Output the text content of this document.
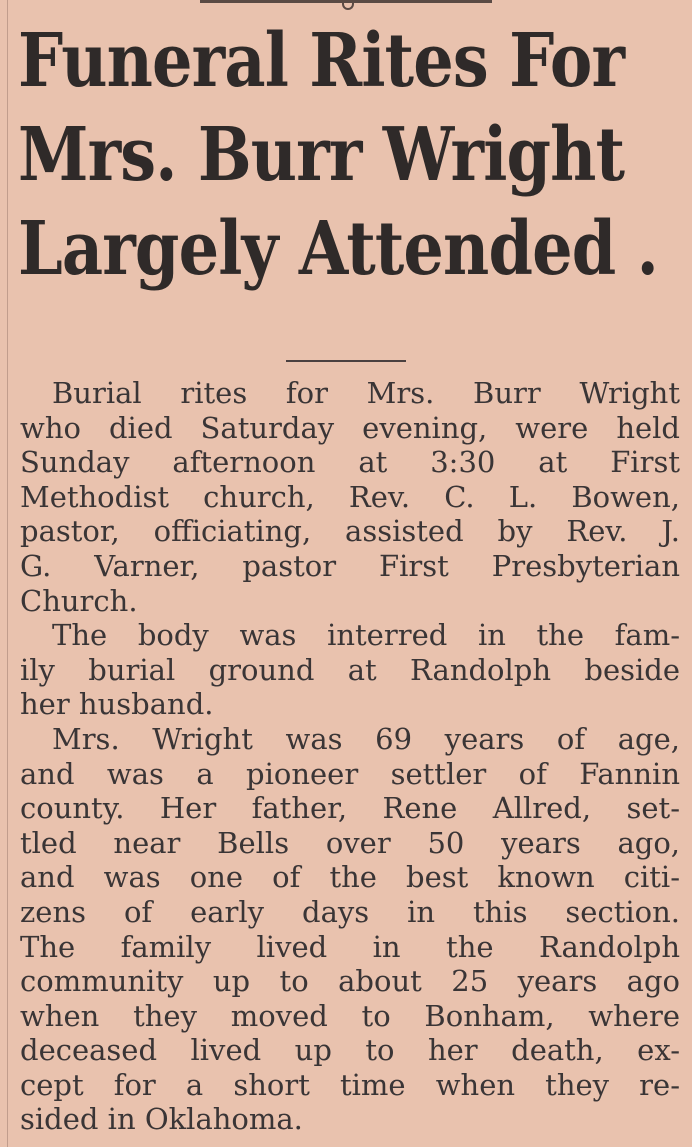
Funeral Rites For
Mrs. Burr Wright
Largely Attended .

Burial rites for Mrs. Burr Wright
who died Saturday evening, were held
Sunday afternoon at 3:30 at First
Methodist church, Rev. C. L. Bowen,
pastor, officiating, assisted by Rev. J.
G. Varner, pastor First Presbyterian
Church.

The body was interred in the fam-
ily burial ground at Randolph beside
her husband.

Mrs. Wright was 69 years of age,
and was a pioneer settler of Fannin
county. Her father, Rene Allred, set-
tled near Bells over 50 years ago,
and was one of the best known citi-
zens of early days in this section.
The family lived in the Randolph
community up to about 25 years ago
when they moved to Bonham, where
deceased lived up to her death, ex-
cept for a short time when they re-
sided in Oklahoma.
